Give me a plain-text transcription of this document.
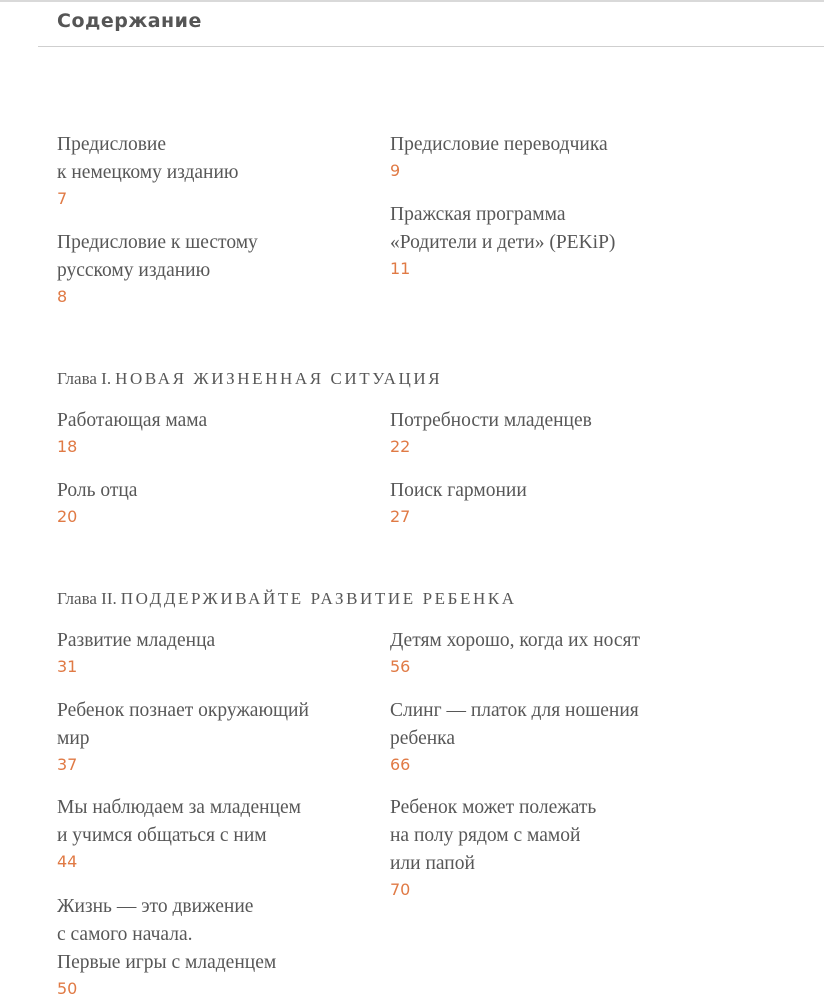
Содержание
Предисловие
к немецкому изданию
7
Предисловие к шестому
русскому изданию
8
Предисловие переводчика
9
Пражская программа
«Родители и дети» (PEKiP)
11
Глава I. НОВАЯ ЖИЗНЕННАЯ СИТУАЦИЯ
Работающая мама
18
Роль отца
20
Потребности младенцев
22
Поиск гармонии
27
Глава II. ПОДДЕРЖИВАЙТЕ РАЗВИТИЕ РЕБЕНКА
Развитие младенца
31
Ребенок познает окружающий
мир
37
Мы наблюдаем за младенцем
и учимся общаться с ним
44
Жизнь — это движение
с самого начала.
Первые игры с младенцем
50
Детям хорошо, когда их носят
56
Слинг — платок для ношения
ребенка
66
Ребенок может полежать
на полу рядом с мамой
или папой
70
